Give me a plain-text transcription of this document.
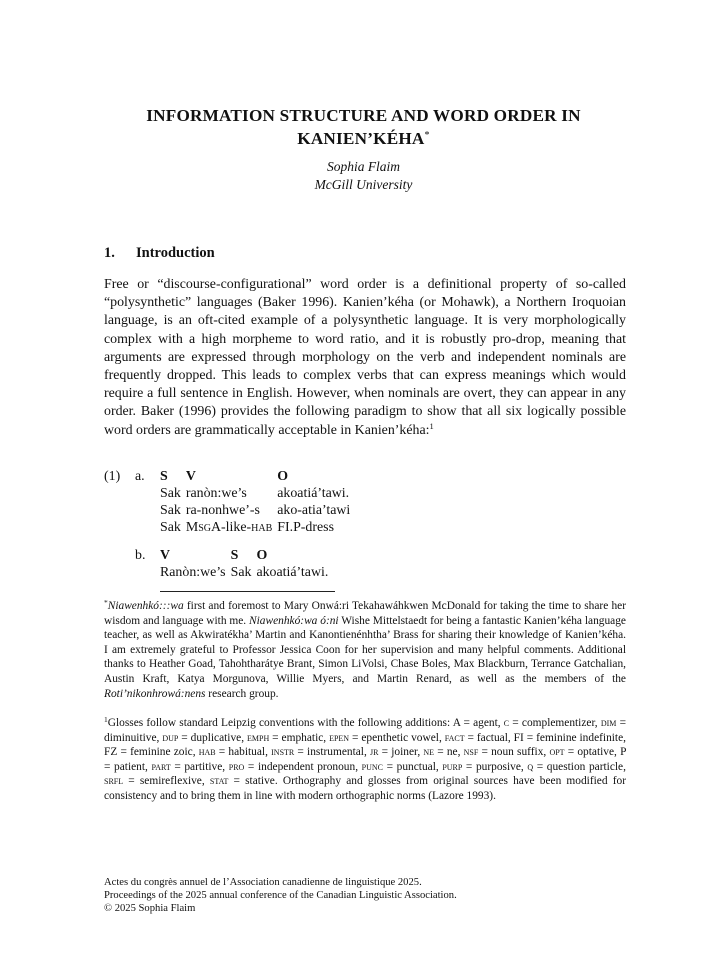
INFORMATION STRUCTURE AND WORD ORDER IN
KANIEN’KÉHA*
Sophia Flaim
McGill University
1. Introduction
Free or “discourse-configurational” word order is a definitional property of so-called “polysynthetic” languages (Baker 1996). Kanien’kéha (or Mohawk), a Northern Iroquoian language, is an oft-cited example of a polysynthetic language. It is very morphologically complex with a high morpheme to word ratio, and it is robustly pro-drop, meaning that arguments are expressed through morphology on the verb and independent nominals are frequently dropped. This leads to complex verbs that can express meanings which would require a full sentence in English. However, when nominals are overt, they can appear in any order. Baker (1996) provides the following paradigm to show that all six logically possible word orders are grammatically acceptable in Kanien’kéha:$^1$
(1) a. S	V	O
Sak	ranòn:we’s	akoatiá’tawi.
Sak	ra-nonhwe’-s	ako-atia’tawi
Sak	MsgA-like-hab	FI.P-dress
b. V	S	O
Ranòn:we’s	Sak	akoatiá’tawi.
*Niawenhkó:::wa first and foremost to Mary Onwá:ri Tekahawáhkwen McDonald for taking the time to share her wisdom and language with me. Niawenhkó:wa ó:ni Wishe Mittelstaedt for being a fantastic Kanien’kéha language teacher, as well as Akwiratékha’ Martin and Kanontienénhtha’ Brass for sharing their knowledge of Kanien’kéha. I am extremely grateful to Professor Jessica Coon for her supervision and many helpful comments. Additional thanks to Heather Goad, Tahohtharátye Brant, Simon LiVolsi, Chase Boles, Max Blackburn, Terrance Gatchalian, Austin Kraft, Katya Morgunova, Willie Myers, and Martin Renard, as well as the members of the Roti’nikonhrowá:nens research group.
$^1$Glosses follow standard Leipzig conventions with the following additions: A = agent, c = complementizer, dim = diminuitive, dup = duplicative, emph = emphatic, epen = epenthetic vowel, fact = factual, FI = feminine indefinite, FZ = feminine zoic, hab = habitual, instr = instrumental, jr = joiner, ne = ne, nsf = noun suffix, opt = optative, P = patient, part = partitive, pro = independent pronoun, punc = punctual, purp = purposive, q = question particle, srfl = semireflexive, stat = stative. Orthography and glosses from original sources have been modified for consistency and to bring them in line with modern orthographic norms (Lazore 1993).
Actes du congrès annuel de l’Association canadienne de linguistique 2025.
Proceedings of the 2025 annual conference of the Canadian Linguistic Association.
© 2025 Sophia Flaim
